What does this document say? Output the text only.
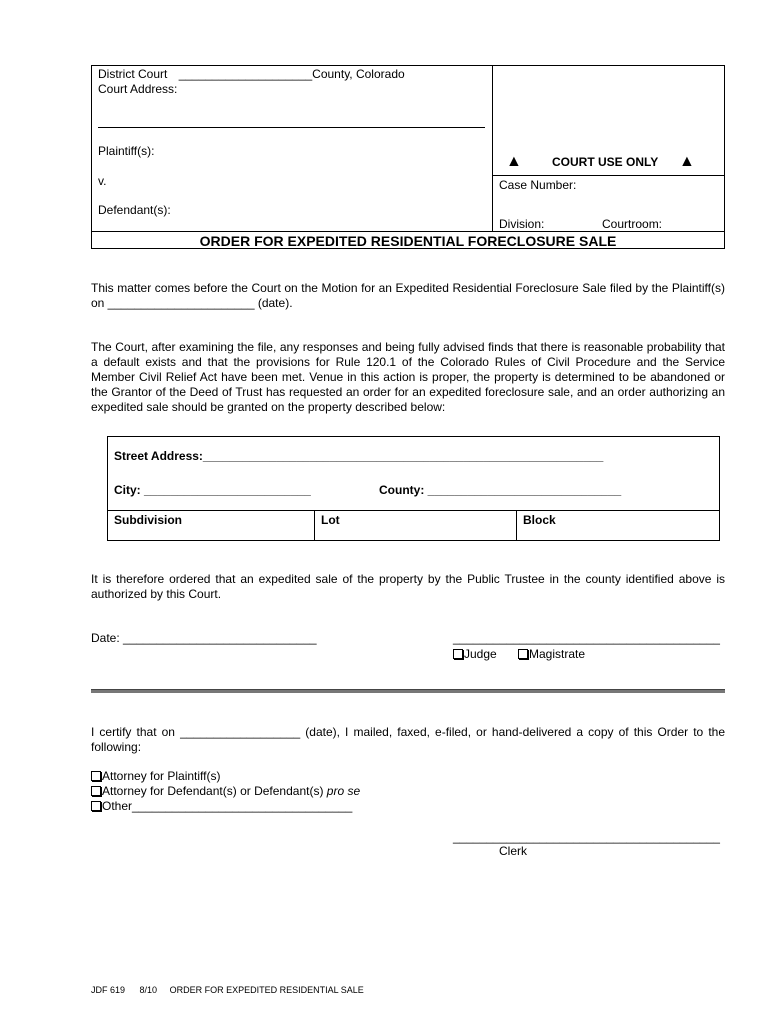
District Court ____________________County, Colorado
Court Address:
Plaintiff(s):
v.
Defendant(s):
▲	COURT USE ONLY ▲
Case Number:
Division:	Courtroom:
ORDER FOR EXPEDITED RESIDENTIAL FORECLOSURE SALE
This matter comes before the Court on the Motion for an Expedited Residential Foreclosure Sale filed by the Plaintiff(s) on ______________________ (date).
The Court, after examining the file, any responses and being fully advised finds that there is reasonable probability that a default exists and that the provisions for Rule 120.1 of the Colorado Rules of Civil Procedure and the Service Member Civil Relief Act have been met. Venue in this action is proper, the property is determined to be abandoned or the Grantor of the Deed of Trust has requested an order for an expedited foreclosure sale, and an order authorizing an expedited sale should be granted on the property described below:
Street Address:____________________________________________________________
City: _________________________	County: _____________________________
Subdivision	Lot	Block
It is therefore ordered that an expedited sale of the property by the Public Trustee in the county identified above is authorized by this Court.
Date: _____________________________	________________________________________
Judge	Magistrate
I certify that on __________________ (date), I mailed, faxed, e-filed, or hand-delivered a copy of this Order to the following:
Attorney for Plaintiff(s)
Attorney for Defendant(s) or Defendant(s) pro se
Other_________________________________
________________________________________
Clerk
JDF 619 8/10 ORDER FOR EXPEDITED RESIDENTIAL SALE
